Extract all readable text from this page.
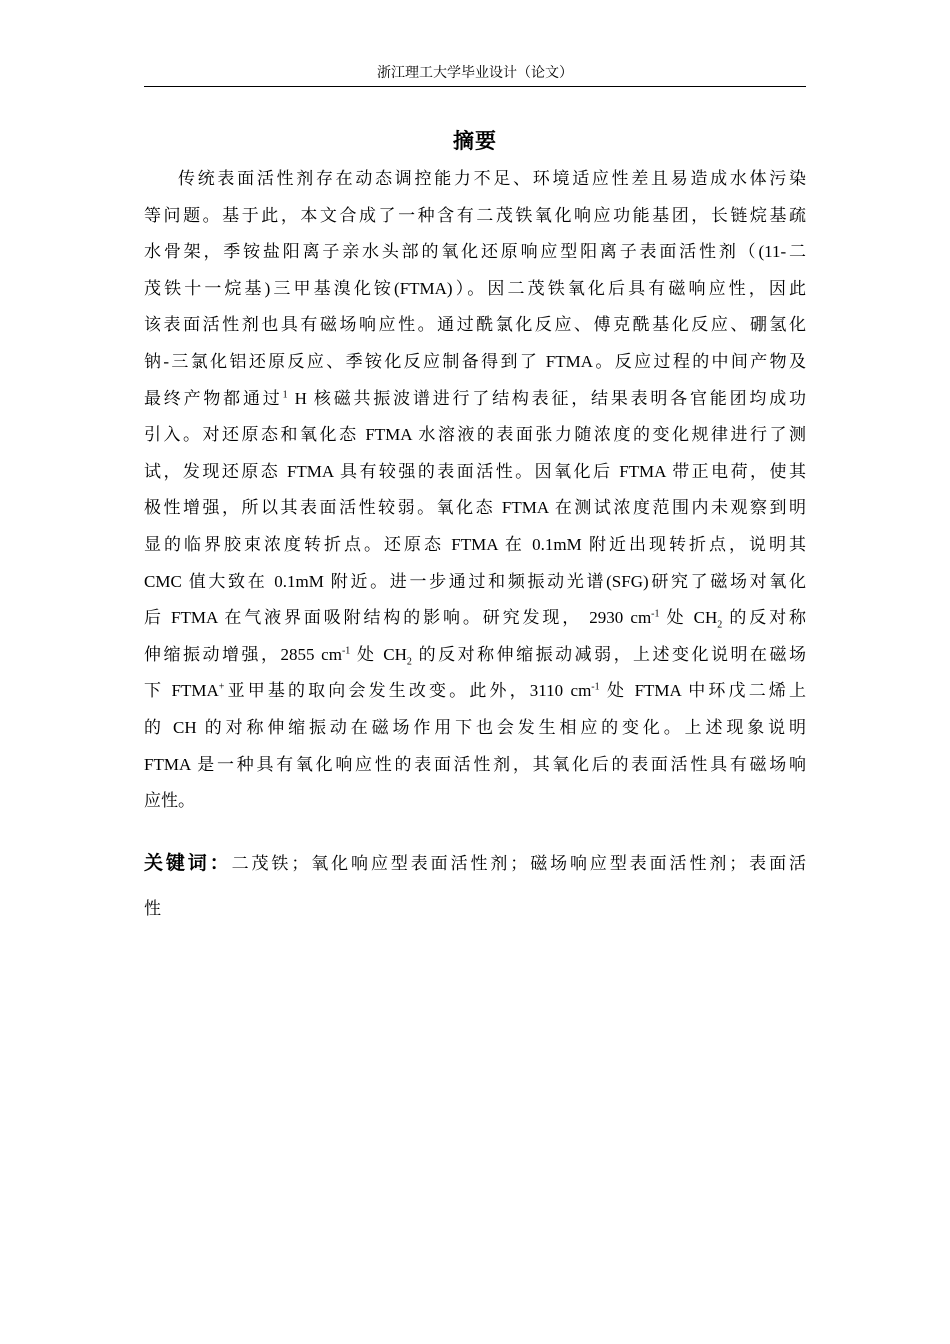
浙江理工大学毕业设计（论文）
摘要
传统表面活性剂存在动态调控能力不足、环境适应性差且易造成水体污染
等问题。基于此，本文合成了一种含有二茂铁氧化响应功能基团，长链烷基疏
水骨架，季铵盐阳离子亲水头部的氧化还原响应型阳离子表面活性剂（(11-二
茂铁十一烷基)三甲基溴化铵(FTMA)）。因二茂铁氧化后具有磁响应性，因此
该表面活性剂也具有磁场响应性。通过酰氯化反应、傅克酰基化反应、硼氢化
钠-三氯化铝还原反应、季铵化反应制备得到了 FTMA。反应过程的中间产物及
最终产物都通过$^1$ H 核磁共振波谱进行了结构表征，结果表明各官能团均成功
引入。对还原态和氧化态 FTMA 水溶液的表面张力随浓度的变化规律进行了测
试，发现还原态 FTMA 具有较强的表面活性。因氧化后 FTMA 带正电荷，使其
极性增强，所以其表面活性较弱。氧化态 FTMA 在测试浓度范围内未观察到明
显的临界胶束浓度转折点。还原态 FTMA 在 0.1mM 附近出现转折点，说明其
CMC 值大致在 0.1mM 附近。进一步通过和频振动光谱(SFG)研究了磁场对氧化
后 FTMA 在气液界面吸附结构的影响。研究发现， 2930 $cm^{-1}$ 处 $CH_2$ 的反对称
伸缩振动增强，2855 $cm^{-1}$ 处 $CH_2$ 的反对称伸缩振动减弱，上述变化说明在磁场
下 FTMA+亚甲基的取向会发生改变。此外，3110 $cm^{-1}$ 处 FTMA 中环戊二烯上
的 CH 的对称伸缩振动在磁场作用下也会发生相应的变化。上述现象说明
FTMA 是一种具有氧化响应性的表面活性剂，其氧化后的表面活性具有磁场响
应性。
关键词：二茂铁；氧化响应型表面活性剂；磁场响应型表面活性剂；表面活
性
